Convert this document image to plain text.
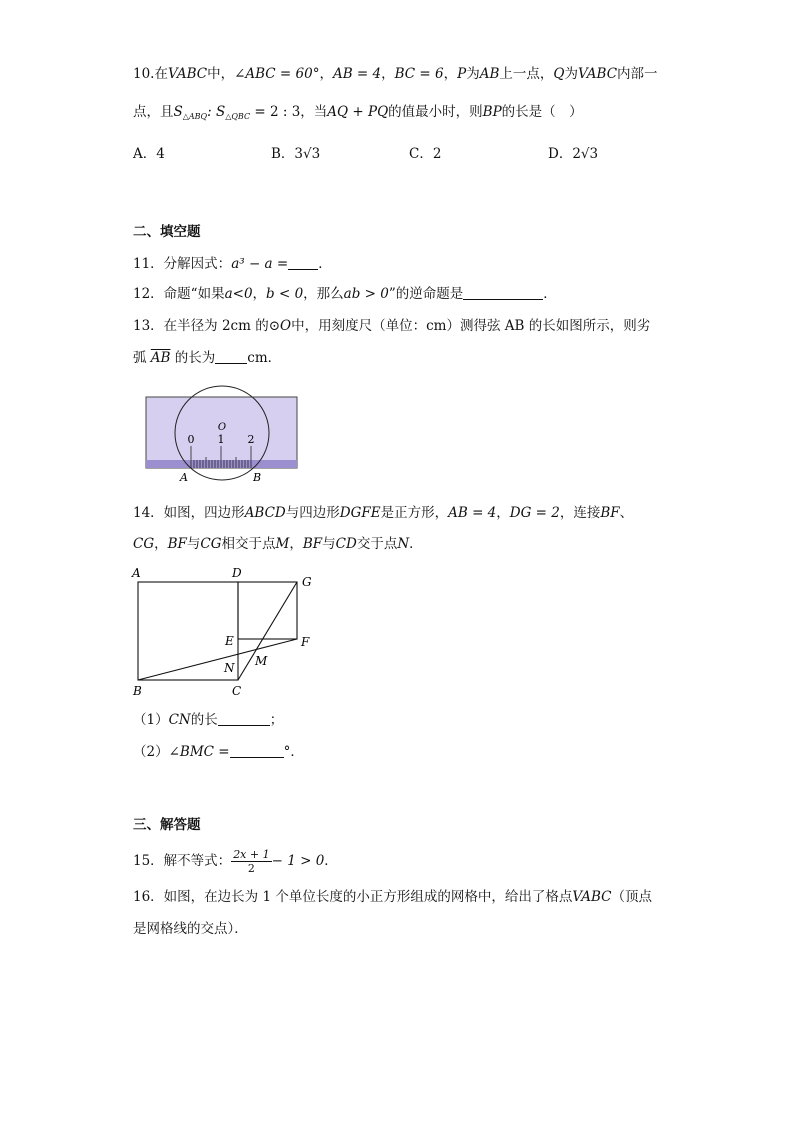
10.在VABC中，∠ABC = 60°，AB = 4，BC = 6，P为AB上一点，Q为VABC内部一
点，且$S_{\triangle ABQ}$: $S_{\triangle QBC} = 2$ : 3，当AQ + PQ的值最小时，则BP的长是（　）
A．4	B．3√3	C．2	D．2√3
二、填空题
11．分解因式：a³ − a = ．
12．命题“如果a<0，b < 0，那么ab > 0”的逆命题是	．
13．在半径为 2cm 的⊙O中，用刻度尺（单位：cm）测得弦 AB 的长如图所示，则劣
弧 $\overline{AB}$ 的长为 cm．
O
0 1 2
A	B
14．如图，四边形ABCD与四边形DGFE是正方形，AB = 4，DG = 2，连接BF、
CG，BF与CG相交于点M，BF与CD交于点N．
A	D
G
E	F
N M
B	C
（1）CN的长	；
（2）∠BMC =	°．
三、解答题
15．解不等式： $\frac{2x + 1}{2} - 1 > 0$．
16．如图，在边长为 1 个单位长度的小正方形组成的网格中，给出了格点VABC（顶点
是网格线的交点）．
